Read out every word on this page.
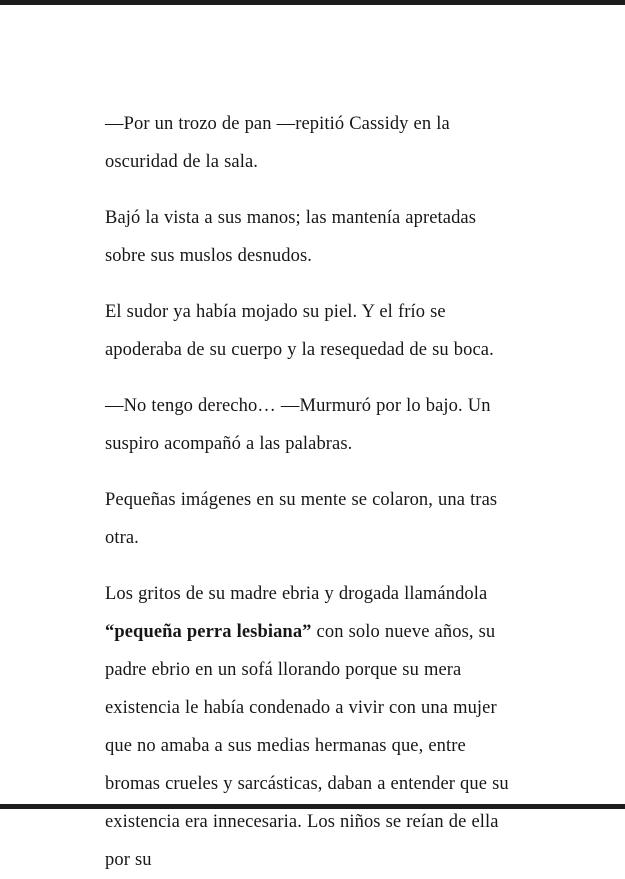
—Por un trozo de pan —repitió Cassidy en la oscuridad de la sala.

Bajó la vista a sus manos; las mantenía apretadas sobre sus muslos desnudos.

El sudor ya había mojado su piel. Y el frío se apoderaba de su cuerpo y la resequedad de su boca.

—No tengo derecho… —Murmuró por lo bajo. Un suspiro acompañó a las palabras.

Pequeñas imágenes en su mente se colaron, una tras otra.

Los gritos de su madre ebria y drogada llamándola “pequeña perra lesbiana” con solo nueve años, su padre ebrio en un sofá llorando porque su mera existencia le había condenado a vivir con una mujer que no amaba a sus medias hermanas que, entre bromas crueles y sarcásticas, daban a entender que su existencia era innecesaria. Los niños se reían de ella por su
